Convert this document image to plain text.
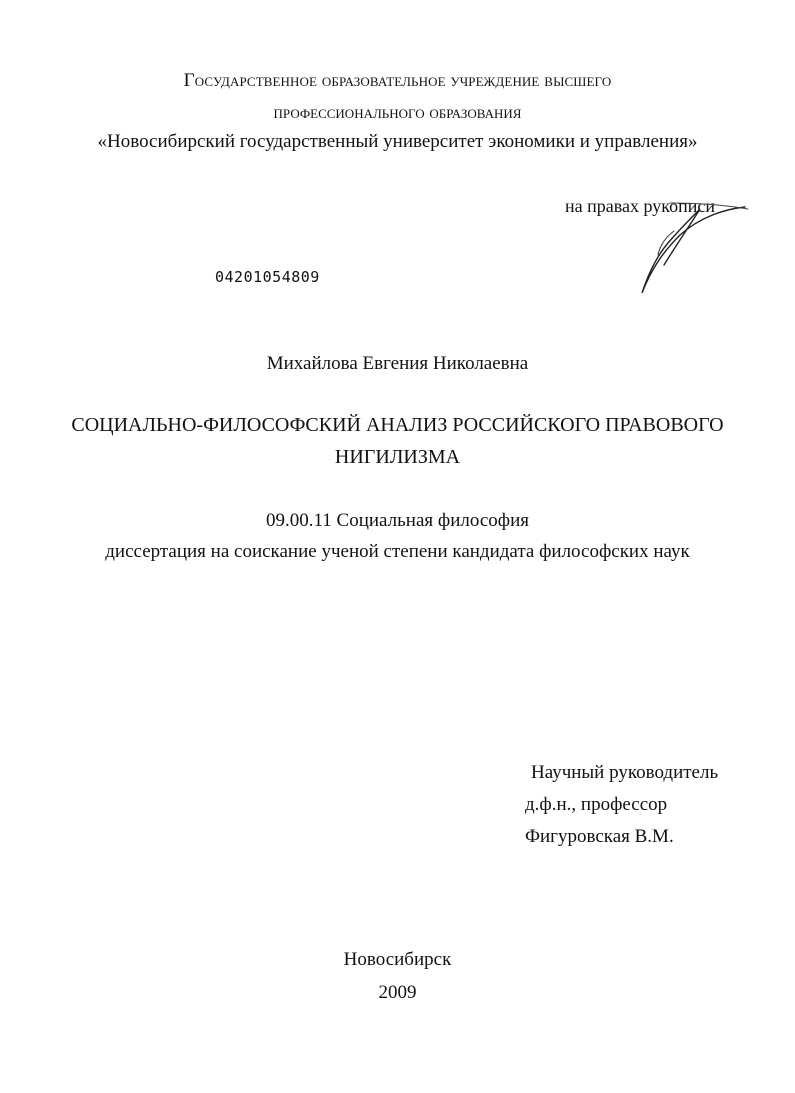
Государственное образовательное учреждение высшего
профессионального образования
«Новосибирский государственный университет экономики и управления»
на правах рукописи
04201054809
Михайлова Евгения Николаевна
СОЦИАЛЬНО-ФИЛОСОФСКИЙ АНАЛИЗ РОССИЙСКОГО ПРАВОВОГО
НИГИЛИЗМА
09.00.11 Социальная философия
диссертация на соискание ученой степени кандидата философских наук
Научный руководитель
д.ф.н., профессор
Фигуровская В.М.
Новосибирск
2009
